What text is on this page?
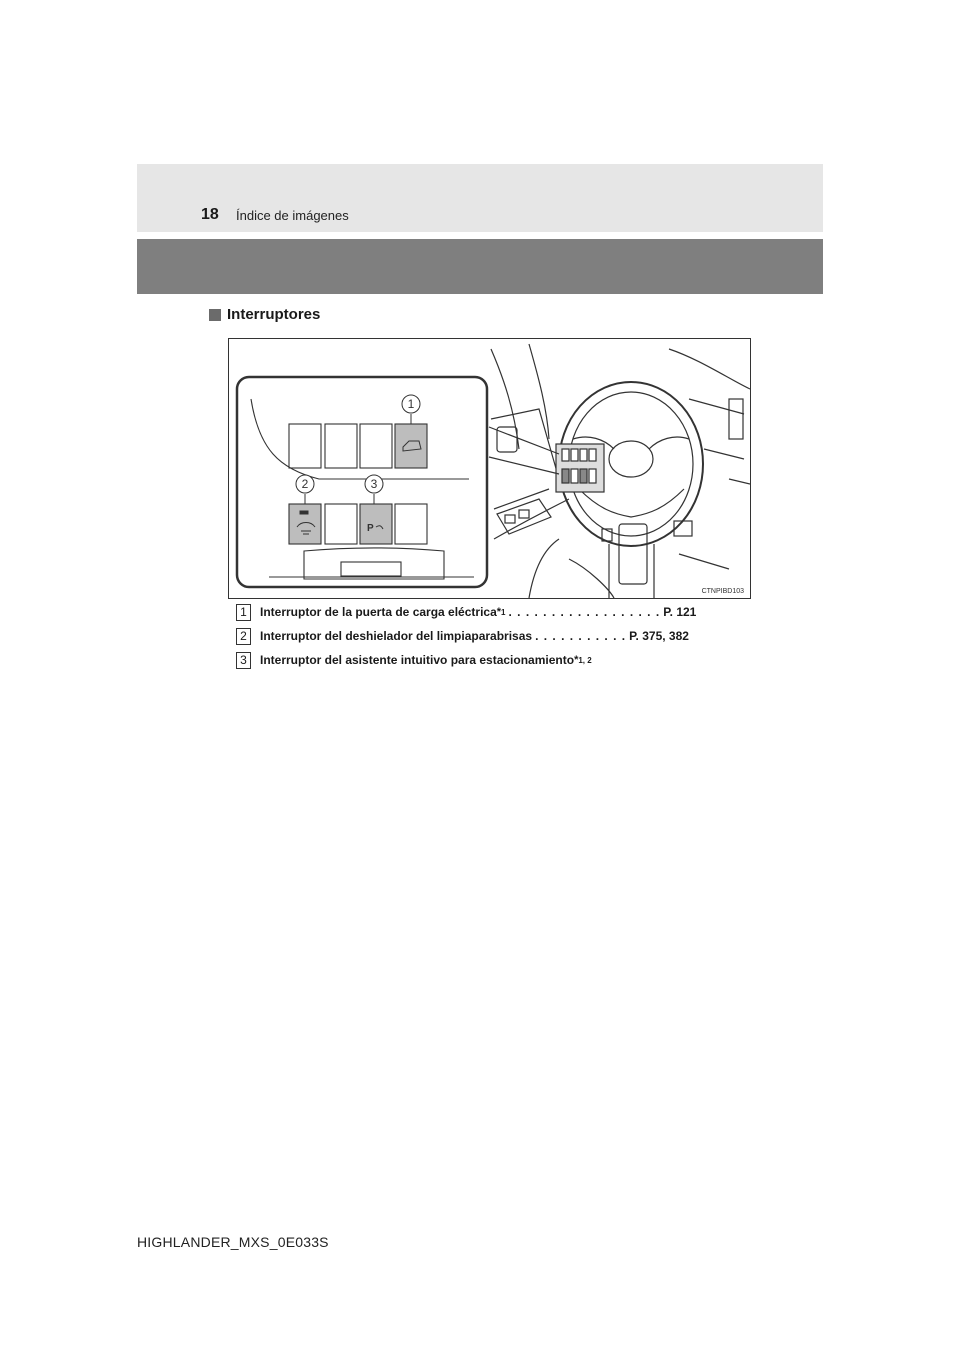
18 Índice de imágenes
Interruptores
P
1
2	3
CTNPIBD103
1	Interruptor de la puerta de carga eléctrica * 1 . . . . . . . . . . . . . . . . . . P. 121
2	Interruptor del deshielador del limpiaparabrisas . . . . . . . . . . . P. 375, 382
3	Interruptor del asistente intuitivo para estacionamiento * 1, 2
HIGHLANDER_MXS_0E033S
